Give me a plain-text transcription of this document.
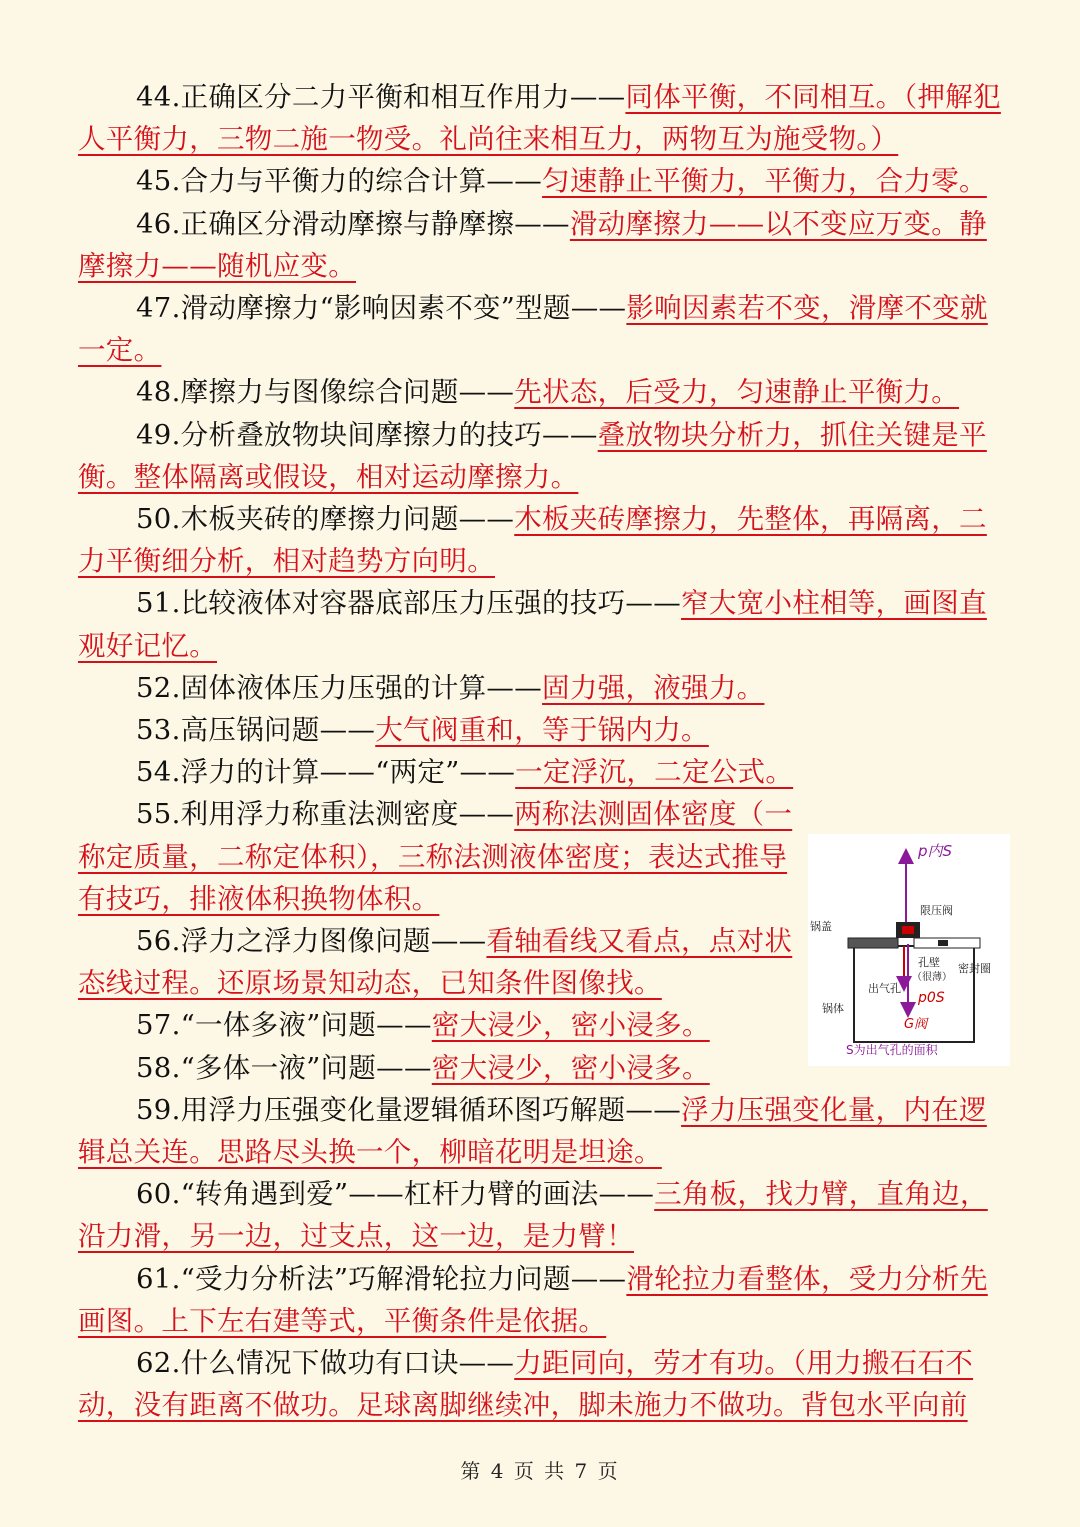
44.正确区分二力平衡和相互作用力——同体平衡，不同相互。（押解犯人平衡力，三物二施一物受。礼尚往来相互力，两物互为施受物。）

45.合力与平衡力的综合计算——匀速静止平衡力，平衡力，合力零。

46.正确区分滑动摩擦与静摩擦——滑动摩擦力——以不变应万变。静摩擦力——随机应变。

47.滑动摩擦力“影响因素不变”型题——影响因素若不变，滑摩不变就一定。

48.摩擦力与图像综合问题——先状态，后受力，匀速静止平衡力。

49.分析叠放物块间摩擦力的技巧——叠放物块分析力，抓住关键是平衡。整体隔离或假设，相对运动摩擦力。

50.木板夹砖的摩擦力问题——木板夹砖摩擦力，先整体，再隔离，二力平衡细分析，相对趋势方向明。

51.比较液体对容器底部压力压强的技巧——窄大宽小柱相等，画图直观好记忆。

52.固体液体压力压强的计算——固力强，液强力。

53.高压锅问题——大气阀重和，等于锅内力。

54.浮力的计算——“两定”——一定浮沉，二定公式。

55.利用浮力称重法测密度——两称法测固体密度（一称定质量，二称定体积），三称法测液体密度；表达式推导有技巧，排液体积换物体积。

56.浮力之浮力图像问题——看轴看线又看点，点对状态线过程。还原场景知动态，已知条件图像找。

57.“一体多液”问题——密大浸少，密小浸多。

58.“多体一液”问题——密大浸少，密小浸多。

59.用浮力压强变化量逻辑循环图巧解题——浮力压强变化量，内在逻辑总关连。思路尽头换一个，柳暗花明是坦途。

60.“转角遇到爱”——杠杆力臂的画法——三角板，找力臂，直角边，沿力滑，另一边，过支点，这一边，是力臂！

61.“受力分析法”巧解滑轮拉力问题——滑轮拉力看整体，受力分析先画图。上下左右建等式，平衡条件是依据。

62.什么情况下做功有口诀——力距同向，劳才有功。（用力搬石石不动，没有距离不做功。足球离脚继续冲，脚未施力不做功。背包水平向前

p内S
限压阀
锅盖
孔壁
（很薄）
密封圈
出气孔
p0S
锅体
G阀
S为出气孔的面积
第 4 页 共 7 页
